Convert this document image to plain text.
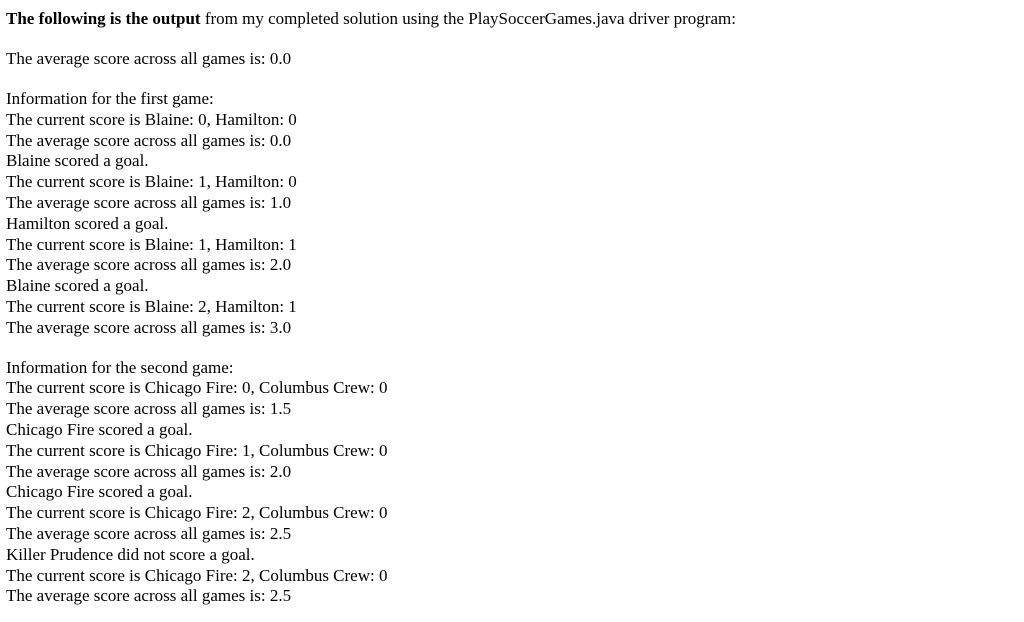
The following is the output from my completed solution using the PlaySoccerGames.java driver program:

The average score across all games is: 0.0

Information for the first game:
The current score is Blaine: 0, Hamilton: 0
The average score across all games is: 0.0
Blaine scored a goal.
The current score is Blaine: 1, Hamilton: 0
The average score across all games is: 1.0
Hamilton scored a goal.
The current score is Blaine: 1, Hamilton: 1
The average score across all games is: 2.0
Blaine scored a goal.
The current score is Blaine: 2, Hamilton: 1
The average score across all games is: 3.0
Information for the second game:
The current score is Chicago Fire: 0, Columbus Crew: 0
The average score across all games is: 1.5
Chicago Fire scored a goal.
The current score is Chicago Fire: 1, Columbus Crew: 0
The average score across all games is: 2.0
Chicago Fire scored a goal.
The current score is Chicago Fire: 2, Columbus Crew: 0
The average score across all games is: 2.5
Killer Prudence did not score a goal.
The current score is Chicago Fire: 2, Columbus Crew: 0
The average score across all games is: 2.5
